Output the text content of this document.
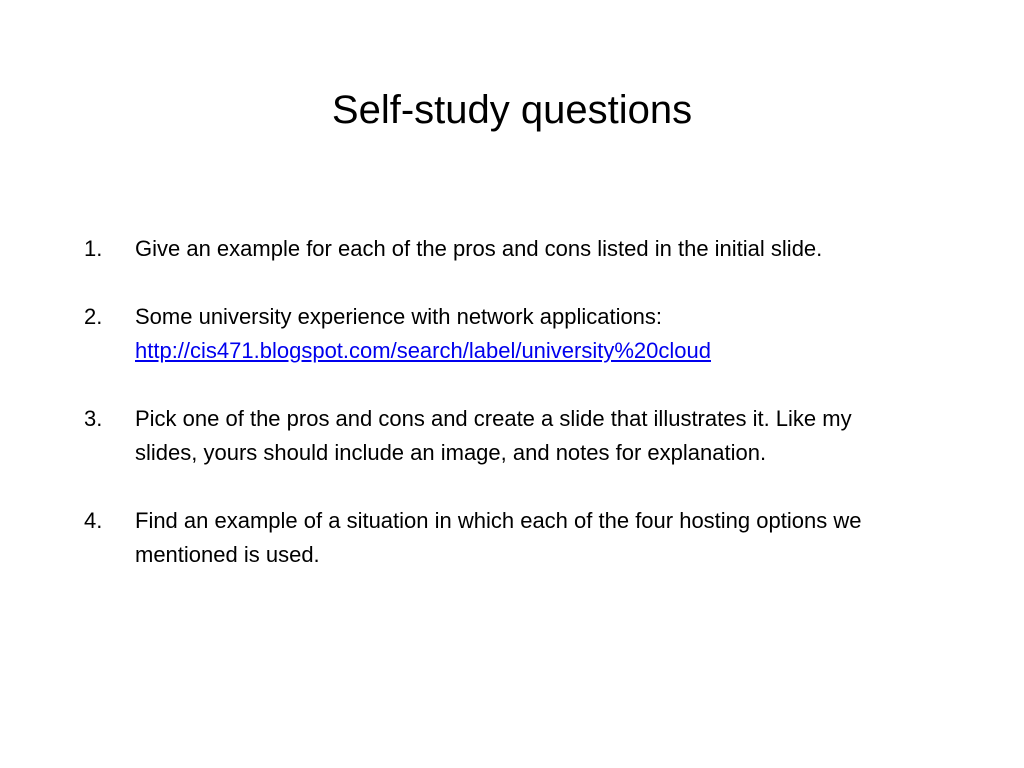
Self-study questions
1.	Give an example for each of the pros and cons listed in the initial slide.
2.	Some university experience with network applications:
http://cis471.blogspot.com/search/label/university%20cloud
3.	Pick one of the pros and cons and create a slide that illustrates it. Like my slides, yours should include an image, and notes for explanation.
4.	Find an example of a situation in which each of the four hosting options we mentioned is used.
